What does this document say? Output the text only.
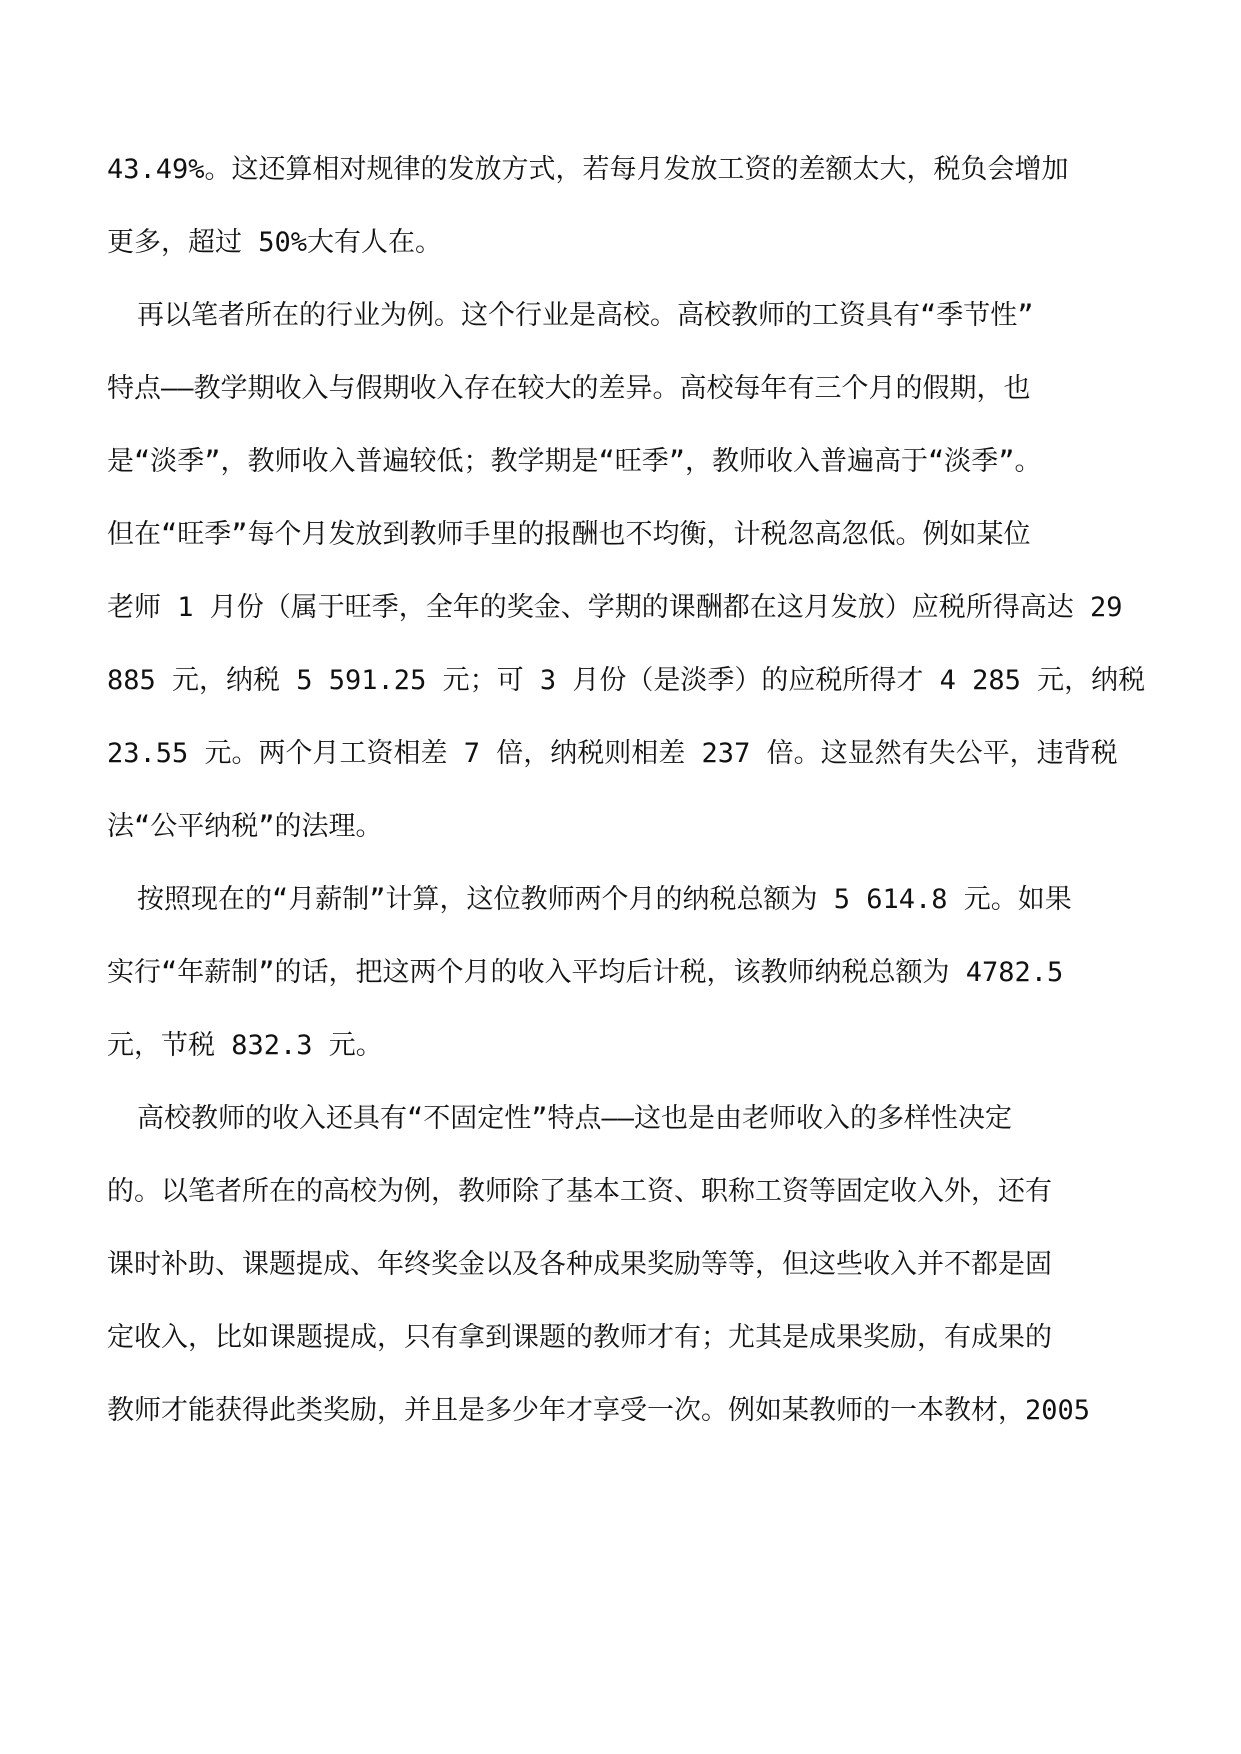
43.49%。这还算相对规律的发放方式，若每月发放工资的差额太大，税负会增加
更多，超过 50%大有人在。
再以笔者所在的行业为例。这个行业是高校。高校教师的工资具有“季节性”
特点——教学期收入与假期收入存在较大的差异。高校每年有三个月的假期，也
是“淡季”，教师收入普遍较低；教学期是“旺季”，教师收入普遍高于“淡季”。
但在“旺季”每个月发放到教师手里的报酬也不均衡，计税忽高忽低。例如某位
老师 1 月份（属于旺季，全年的奖金、学期的课酬都在这月发放）应税所得高达 29
885 元，纳税 5 591.25 元；可 3 月份（是淡季）的应税所得才 4 285 元，纳税
23.55 元。两个月工资相差 7 倍，纳税则相差 237 倍。这显然有失公平，违背税
法“公平纳税”的法理。
按照现在的“月薪制”计算，这位教师两个月的纳税总额为 5 614.8 元。如果
实行“年薪制”的话，把这两个月的收入平均后计税，该教师纳税总额为 4782.5
元，节税 832.3 元。
高校教师的收入还具有“不固定性”特点——这也是由老师收入的多样性决定
的。以笔者所在的高校为例，教师除了基本工资、职称工资等固定收入外，还有
课时补助、课题提成、年终奖金以及各种成果奖励等等，但这些收入并不都是固
定收入，比如课题提成，只有拿到课题的教师才有；尤其是成果奖励，有成果的
教师才能获得此类奖励，并且是多少年才享受一次。例如某教师的一本教材，2005
